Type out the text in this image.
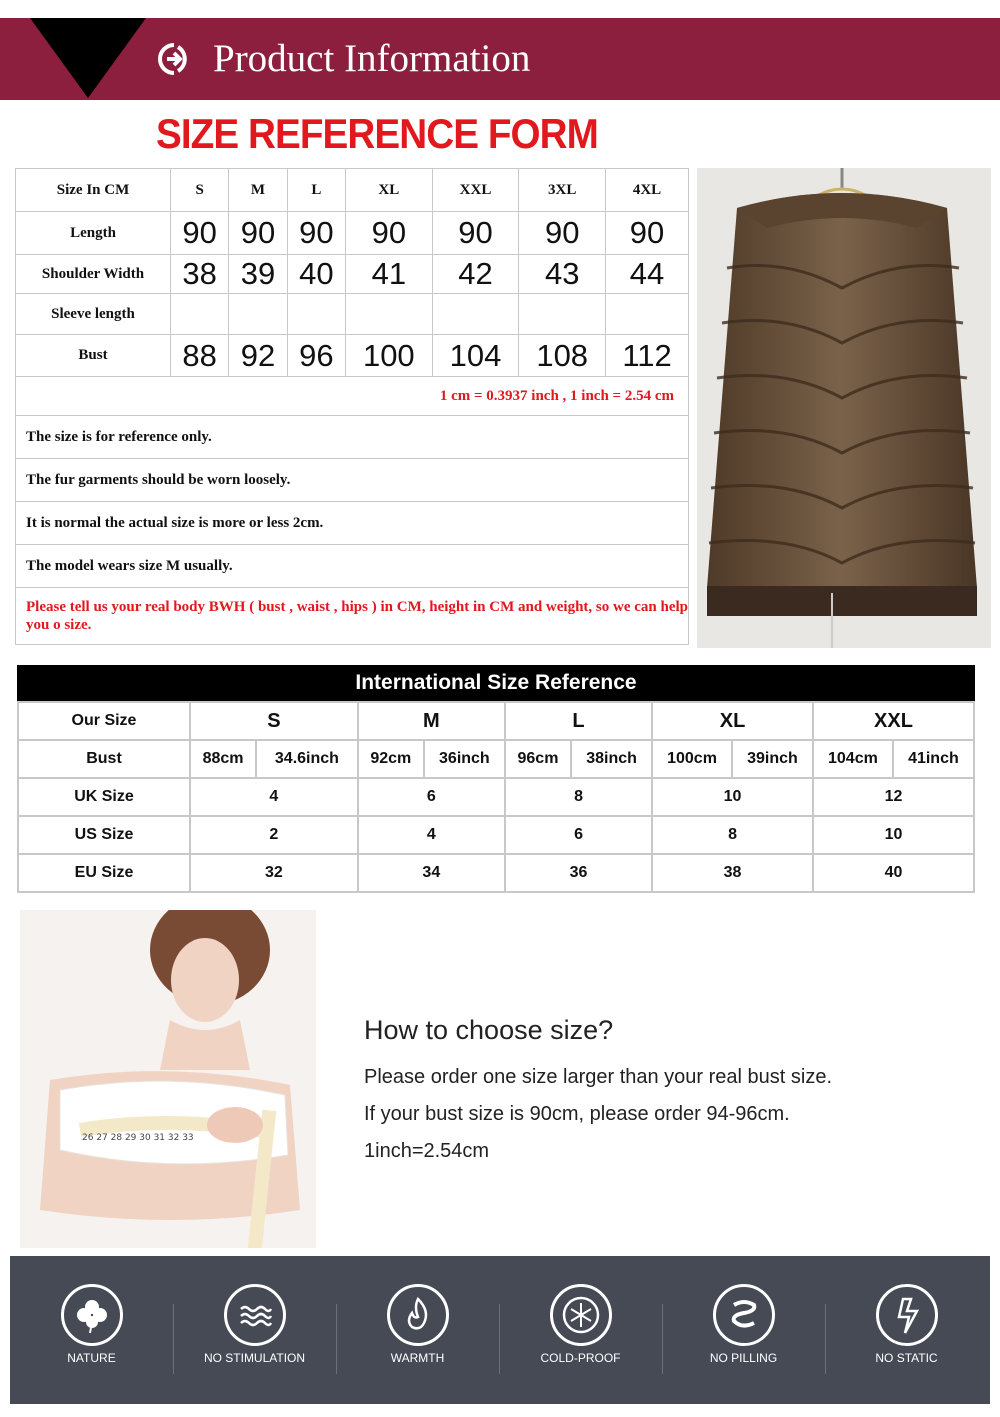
Product Information
SIZE REFERENCE FORM
Size In CM	S	M	L	XL	XXL	3XL	4XL
Length	90	90	90	90	90	90	90
Shoulder Width	38	39	40	41	42	43	44
Sleeve length							
Bust	88	92	96	100	104	108	112
1 cm = 0.3937 inch , 1 inch = 2.54 cm							
The size is for reference only.							
The fur garments should be worn loosely.							
It is normal the actual size is more or less 2cm.							
The model wears size M usually.							
Please tell us your real body BWH ( bust , waist , hips ) in CM, height in CM and weight, so we can help you o size.							
International Size Reference
Our Size	S		M		L		XL		XXL	
Bust	88cm	34.6inch	92cm	36inch	96cm	38inch	100cm	39inch	104cm	41inch
UK Size	4		6		8		10		12	
US Size	2		4		6		8		10	
EU Size	32		34		36		38		40	
26 27 28 29 30 31 32 33
How to choose size?
Please order one size larger than your real bust size.
If your bust size is 90cm, please order 94-96cm.
1inch=2.54cm
NATURE	NO STIMULATION	WARMTH	COLD-PROOF	NO PILLING	NO STATIC
